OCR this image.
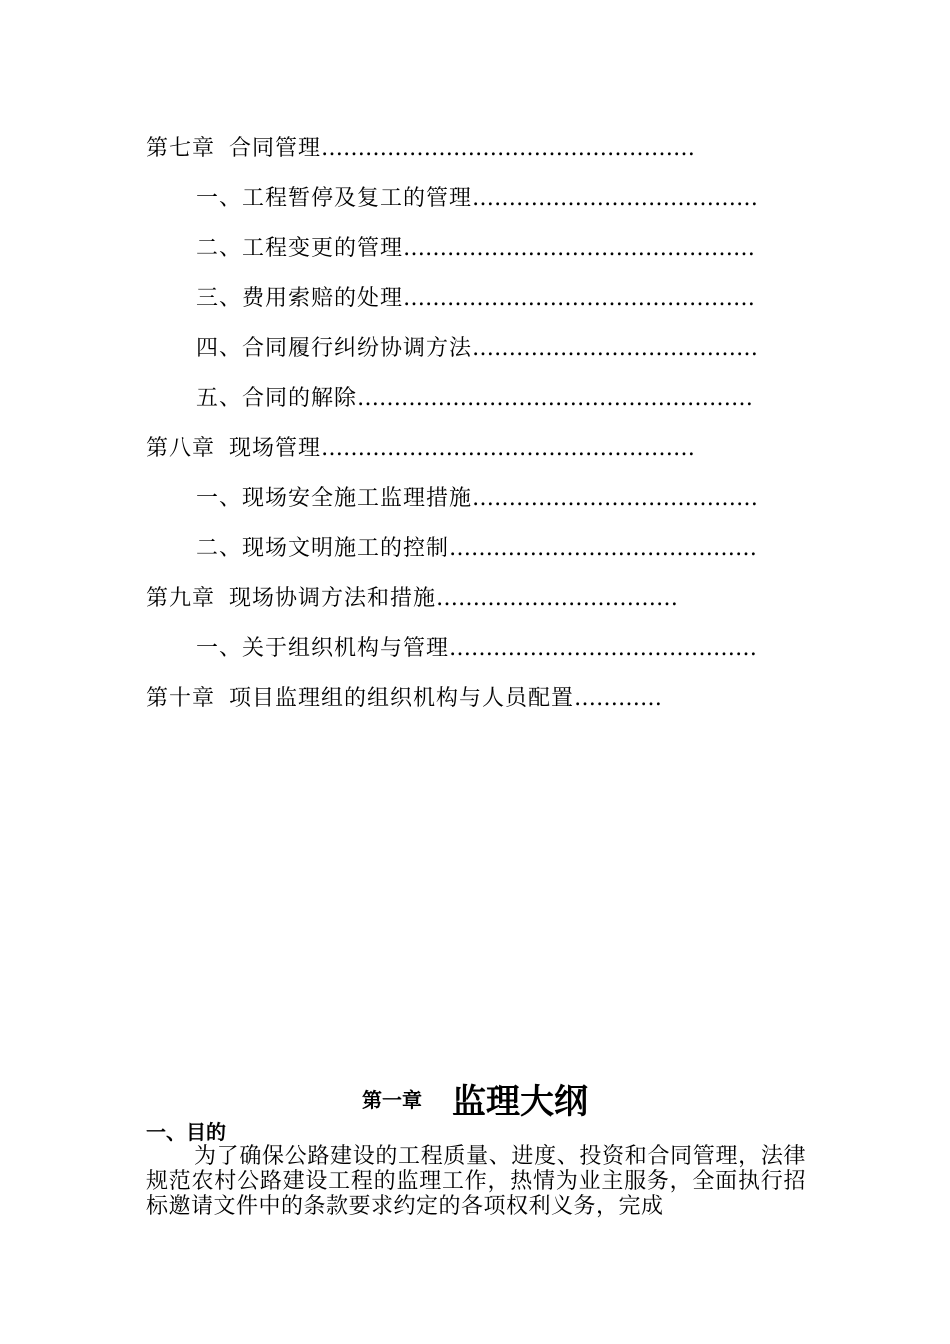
第七章 合同管理……………………………………………
一、工程暂停及复工的管理…………………………………
二、工程变更的管理…………………………………………
三、费用索赔的处理…………………………………………
四、合同履行纠纷协调方法…………………………………
五、合同的解除………………………………………………
第八章 现场管理……………………………………………
一、现场安全施工监理措施…………………………………
二、现场文明施工的控制……………………………………
第九章 现场协调方法和措施……………………………
一、关于组织机构与管理……………………………………
第十章 项目监理组的组织机构与人员配置…………
第一章 监理大纲
一、目的

为了确保公路建设的工程质量、进度、投资和合同管理，法律规范农村公路建设工程的监理工作，热情为业主服务，全面执行招标邀请文件中的条款要求约定的各项权利义务，完成
